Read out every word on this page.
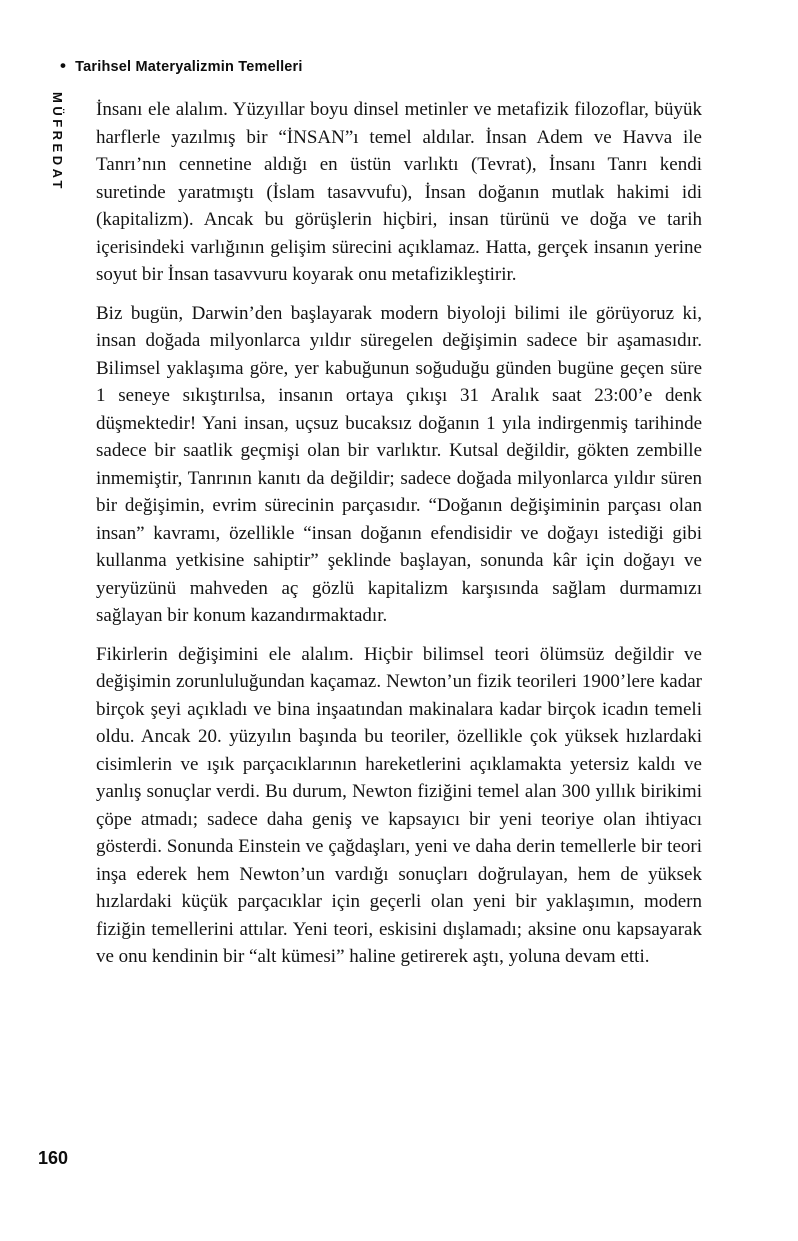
• Tarihsel Materyalizmin Temelleri
MÜFREDAT İnsanı ele alalım. Yüzyıllar boyu dinsel metinler ve metafizik filozoflar, büyük harflerle yazılmış bir “İNSAN”ı temel aldılar. İnsan Adem ve Havva ile Tanrı’nın cennetine aldığı en üstün varlıktı (Tevrat), İnsanı Tanrı kendi suretinde yaratmıştı (İslam tasavvufu), İnsan doğanın mutlak hakimi idi (kapitalizm). Ancak bu görüşlerin hiçbiri, insan türünü ve doğa ve tarih içerisindeki varlığının gelişim sürecini açıklamaz. Hatta, gerçek insanın yerine soyut bir İnsan tasavvuru koyarak onu metafizikleştirir.

Biz bugün, Darwin’den başlayarak modern biyoloji bilimi ile görüyoruz ki, insan doğada milyonlarca yıldır süregelen değişimin sadece bir aşamasıdır. Bilimsel yaklaşıma göre, yer kabuğunun soğuduğu günden bugüne geçen süre 1 seneye sıkıştırılsa, insanın ortaya çıkışı 31 Aralık saat 23:00’e denk düşmektedir! Yani insan, uçsuz bucaksız doğanın 1 yıla indirgenmiş tarihinde sadece bir saatlik geçmişi olan bir varlıktır. Kutsal değildir, gökten zembille inmemiştir, Tanrının kanıtı da değildir; sadece doğada milyonlarca yıldır süren bir değişimin, evrim sürecinin parçasıdır. “Doğanın değişiminin parçası olan insan” kavramı, özellikle “insan doğanın efendisidir ve doğayı istediği gibi kullanma yetkisine sahiptir” şeklinde başlayan, sonunda kâr için doğayı ve yeryüzünü mahveden aç gözlü kapitalizm karşısında sağlam durmamızı sağlayan bir konum kazandırmaktadır.

Fikirlerin değişimini ele alalım. Hiçbir bilimsel teori ölümsüz değildir ve değişimin zorunluluğundan kaçamaz. Newton’un fizik teorileri 1900’lere kadar birçok şeyi açıkladı ve bina inşaatından makinalara kadar birçok icadın temeli oldu. Ancak 20. yüzyılın başında bu teoriler, özellikle çok yüksek hızlardaki cisimlerin ve ışık parçacıklarının hareketlerini açıklamakta yetersiz kaldı ve yanlış sonuçlar verdi. Bu durum, Newton fiziğini temel alan 300 yıllık birikimi çöpe atmadı; sadece daha geniş ve kapsayıcı bir yeni teoriye olan ihtiyacı gösterdi. Sonunda Einstein ve çağdaşları, yeni ve daha derin temellerle bir teori inşa ederek hem Newton’un vardığı sonuçları doğrulayan, hem de yüksek hızlardaki küçük parçacıklar için geçerli olan yeni bir yaklaşımın, modern fiziğin temellerini attılar. Yeni teori, eskisini dışlamadı; aksine onu kapsayarak ve onu kendinin bir “alt kümesi” haline getirerek aştı, yoluna devam etti.

160
